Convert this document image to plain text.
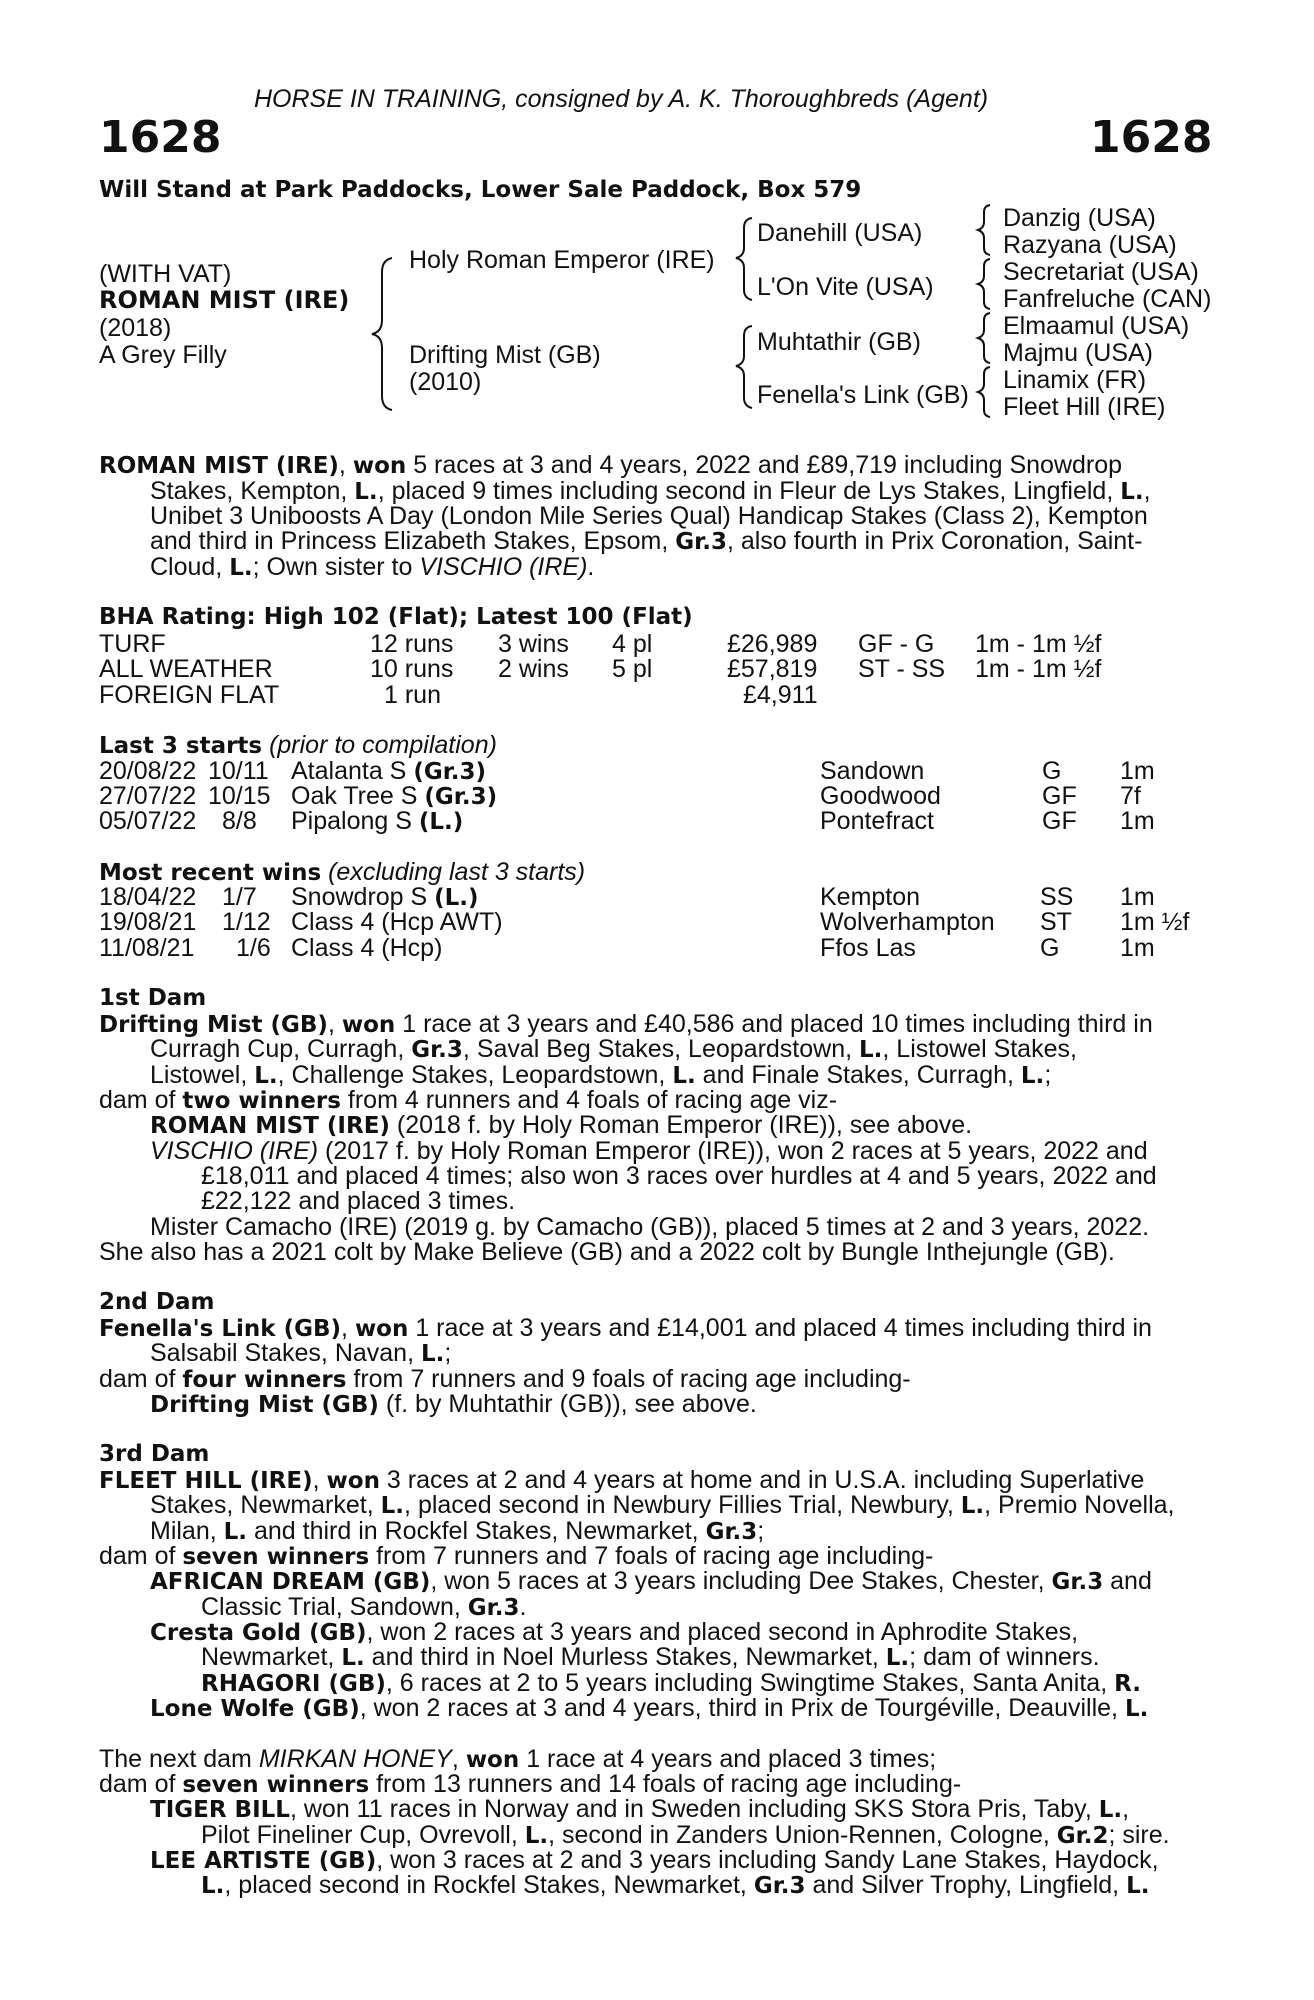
HORSE IN TRAINING, consigned by A. K. Thoroughbreds (Agent)
1628	1628
Will Stand at Park Paddocks, Lower Sale Paddock, Box 579
(WITH VAT)
ROMAN MIST (IRE)
(2018)
A Grey Filly
Holy Roman Emperor (IRE)
Drifting Mist (GB)
(2010)
Danehill (USA)
L'On Vite (USA)
Muhtathir (GB)
Fenella's Link (GB)
Danzig (USA)
Razyana (USA)
Secretariat (USA)
Fanfreluche (CAN)
Elmaamul (USA)
Majmu (USA)
Linamix (FR)
Fleet Hill (IRE)
ROMAN MIST (IRE), won 5 races at 3 and 4 years, 2022 and £89,719 including Snowdrop
Stakes, Kempton, L., placed 9 times including second in Fleur de Lys Stakes, Lingfield, L.,
Unibet 3 Uniboosts A Day (London Mile Series Qual) Handicap Stakes (Class 2), Kempton
and third in Princess Elizabeth Stakes, Epsom, Gr.3, also fourth in Prix Coronation, Saint-
Cloud, L.; Own sister to VISCHIO (IRE).
BHA Rating: High 102 (Flat); Latest 100 (Flat)
TURF	12 runs 3 wins 4 pl	£26,989 GF - G 1m - 1m ½f
ALL WEATHER	10 runs 2 wins 5 pl	£57,819 ST - SS 1m - 1m ½f
FOREIGN FLAT	1 run	£4,911
Last 3 starts (prior to compilation)
20/08/22 10/11 Atalanta S (Gr.3)	Sandown	G 1m
27/07/22 10/15 Oak Tree S (Gr.3)	Goodwood	GF 7f
05/07/22 8/8 Pipalong S (L.)	Pontefract	GF 1m
Most recent wins (excluding last 3 starts)
18/04/22 1/7 Snowdrop S (L.)	Kempton	SS 1m
19/08/21 1/12 Class 4 (Hcp AWT)	Wolverhampton ST 1m ½f
11/08/21 1/6 Class 4 (Hcp)	Ffos Las	G 1m
1st Dam
Drifting Mist (GB), won 1 race at 3 years and £40,586 and placed 10 times including third in
Curragh Cup, Curragh, Gr.3, Saval Beg Stakes, Leopardstown, L., Listowel Stakes,
Listowel, L., Challenge Stakes, Leopardstown, L. and Finale Stakes, Curragh, L.;
dam of two winners from 4 runners and 4 foals of racing age viz-
ROMAN MIST (IRE) (2018 f. by Holy Roman Emperor (IRE)), see above.
VISCHIO (IRE) (2017 f. by Holy Roman Emperor (IRE)), won 2 races at 5 years, 2022 and
£18,011 and placed 4 times; also won 3 races over hurdles at 4 and 5 years, 2022 and
£22,122 and placed 3 times.
Mister Camacho (IRE) (2019 g. by Camacho (GB)), placed 5 times at 2 and 3 years, 2022.
She also has a 2021 colt by Make Believe (GB) and a 2022 colt by Bungle Inthejungle (GB).
2nd Dam
Fenella's Link (GB), won 1 race at 3 years and £14,001 and placed 4 times including third in
Salsabil Stakes, Navan, L.;
dam of four winners from 7 runners and 9 foals of racing age including-
Drifting Mist (GB) (f. by Muhtathir (GB)), see above.
3rd Dam
FLEET HILL (IRE), won 3 races at 2 and 4 years at home and in U.S.A. including Superlative
Stakes, Newmarket, L., placed second in Newbury Fillies Trial, Newbury, L., Premio Novella,
Milan, L. and third in Rockfel Stakes, Newmarket, Gr.3;
dam of seven winners from 7 runners and 7 foals of racing age including-
AFRICAN DREAM (GB), won 5 races at 3 years including Dee Stakes, Chester, Gr.3 and
Classic Trial, Sandown, Gr.3.
Cresta Gold (GB), won 2 races at 3 years and placed second in Aphrodite Stakes,
Newmarket, L. and third in Noel Murless Stakes, Newmarket, L.; dam of winners.
RHAGORI (GB), 6 races at 2 to 5 years including Swingtime Stakes, Santa Anita, R.
Lone Wolfe (GB), won 2 races at 3 and 4 years, third in Prix de Tourgéville, Deauville, L.
The next dam MIRKAN HONEY, won 1 race at 4 years and placed 3 times;
dam of seven winners from 13 runners and 14 foals of racing age including-
TIGER BILL, won 11 races in Norway and in Sweden including SKS Stora Pris, Taby, L.,
Pilot Fineliner Cup, Ovrevoll, L., second in Zanders Union-Rennen, Cologne, Gr.2; sire.
LEE ARTISTE (GB), won 3 races at 2 and 3 years including Sandy Lane Stakes, Haydock,
L., placed second in Rockfel Stakes, Newmarket, Gr.3 and Silver Trophy, Lingfield, L.
